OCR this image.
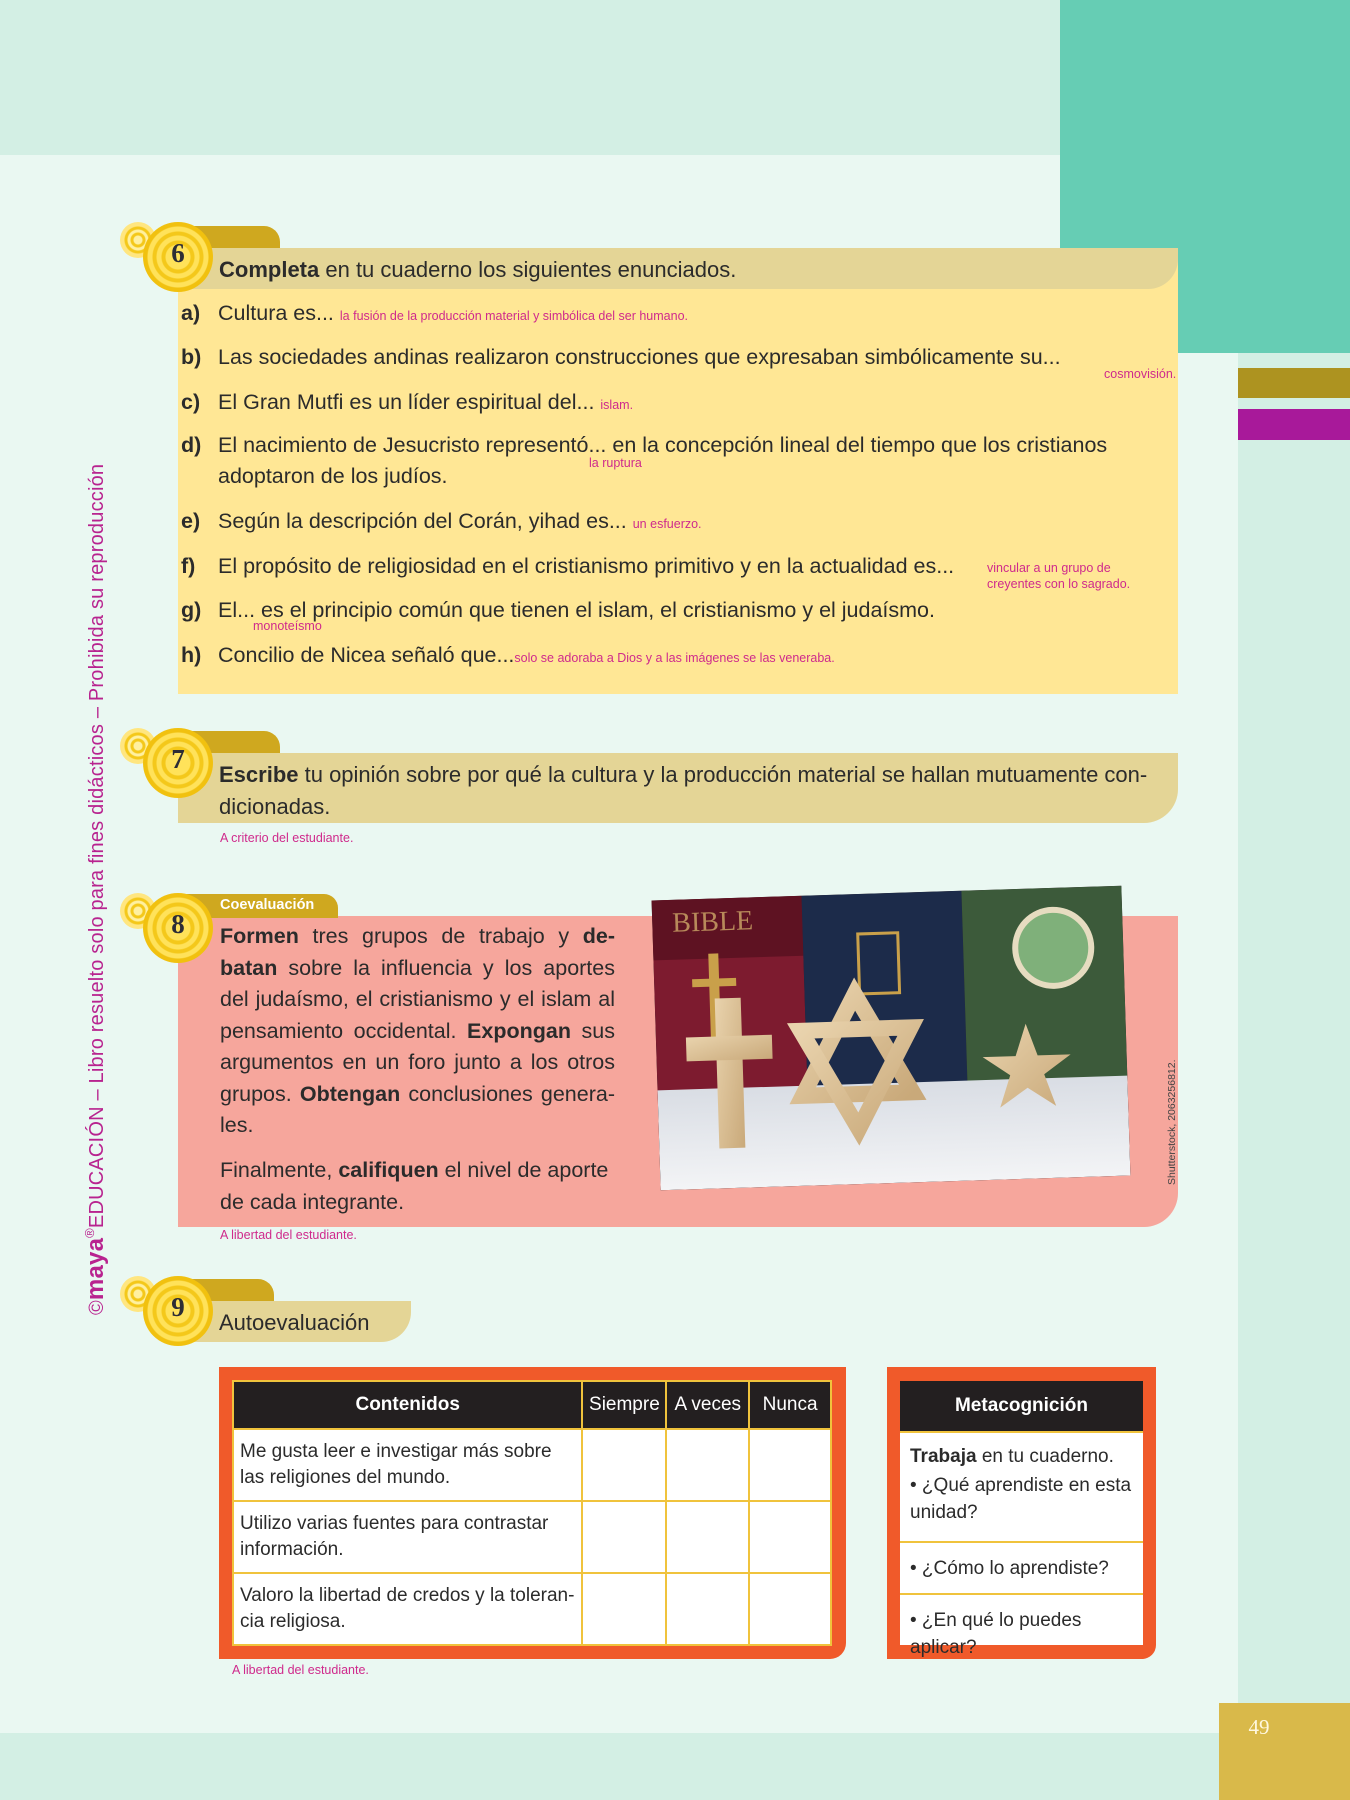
49
©maya®EDUCACIÓN – Libro resuelto solo para fines didácticos – Prohibida su reproducción
6
Completa en tu cuaderno los siguientes enunciados.
a) Cultura es... la fusión de la producción material y simbólica del ser humano.
b) Las sociedades andinas realizaron construcciones que expresaban simbólicamente su...
cosmovisión.
c) El Gran Mutfi es un líder espiritual del... islam.
d) El nacimiento de Jesucristo representó... en la concepción lineal del tiempo que los cristianos
la ruptura
adoptaron de los judíos.
e) Según la descripción del Corán, yihad es... un esfuerzo.
f) El propósito de religiosidad en el cristianismo primitivo y en la actualidad es...	vincular a un grupo de
creyentes con lo sagrado.
g) El... es el principio común que tienen el islam, el cristianismo y el judaísmo.
monoteísmo
h) Concilio de Nicea señaló que...solo se adoraba a Dios y a las imágenes se las veneraba.
7
Escribe tu opinión sobre por qué la cultura y la producción material se hallan mutuamente con-
dicionadas.
A criterio del estudiante.
Coevaluación
8	Formen tres grupos de trabajo y de-batan sobre la influencia y los aportes del judaísmo, el cristianismo y el islam al pensamiento occidental. Expongan sus argumentos en un foro junto a los otros grupos. Obtengan conclusiones genera-les.
Finalmente, califiquen el nivel de aporte de cada integrante.
A libertad del estudiante.
BIBLE
Shutterstock, 2063256812.
9
Autoevaluación
Contenidos	Siempre	A veces	Nunca
Me gusta leer e investigar más sobre las religiones del mundo.			
Utilizo varias fuentes para contrastar información.			
Valoro la libertad de credos y la toleran-cia religiosa.			
A libertad del estudiante.
Metacognición
Trabaja en tu cuaderno.
• ¿Qué aprendiste en esta unidad?
• ¿Cómo lo aprendiste?
• ¿En qué lo puedes aplicar?
